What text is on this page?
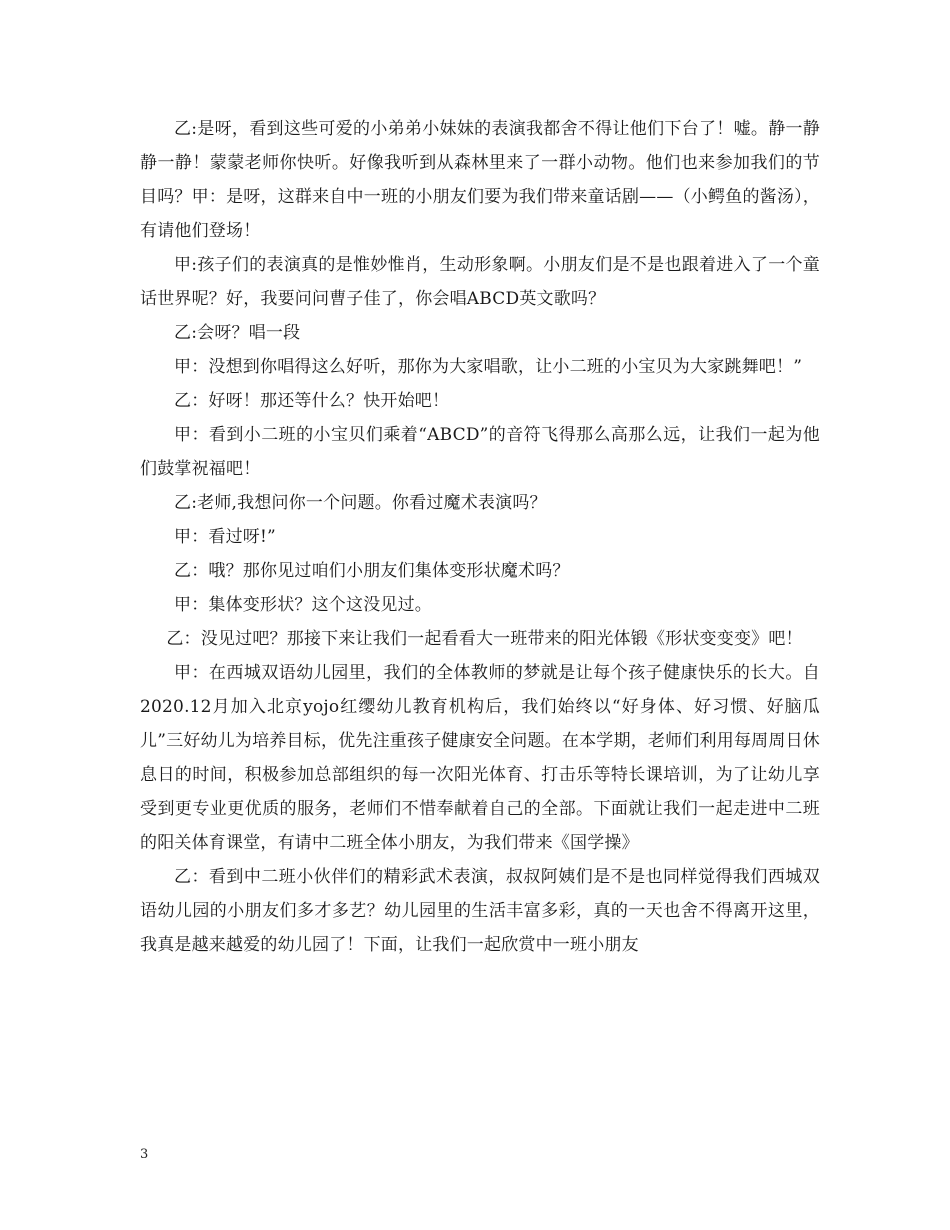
乙:是呀，看到这些可爱的小弟弟小妹妹的表演我都舍不得让他们下台了！嘘。静一静静一静！蒙蒙老师你快听。好像我听到从森林里来了一群小动物。他们也来参加我们的节目吗？甲：是呀，这群来自中一班的小朋友们要为我们带来童话剧——（小鳄鱼的酱汤），有请他们登场！

甲:孩子们的表演真的是惟妙惟肖，生动形象啊。小朋友们是不是也跟着进入了一个童话世界呢？好，我要问问曹子佳了，你会唱ABCD英文歌吗？

乙:会呀？唱一段

甲：没想到你唱得这么好听，那你为大家唱歌，让小二班的小宝贝为大家跳舞吧！”

乙：好呀！那还等什么？快开始吧！

甲：看到小二班的小宝贝们乘着“ABCD”的音符飞得那么高那么远，让我们一起为他们鼓掌祝福吧！

乙:老师,我想问你一个问题。你看过魔术表演吗？

甲：看过呀!”

乙：哦？那你见过咱们小朋友们集体变形状魔术吗？

甲：集体变形状？这个这没见过。

乙：没见过吧？那接下来让我们一起看看大一班带来的阳光体锻《形状变变变》吧！

甲：在西城双语幼儿园里，我们的全体教师的梦就是让每个孩子健康快乐的长大。自2020.12月加入北京yojo红缨幼儿教育机构后，我们始终以“好身体、好习惯、好脑瓜儿”三好幼儿为培养目标，优先注重孩子健康安全问题。在本学期，老师们利用每周周日休息日的时间，积极参加总部组织的每一次阳光体育、打击乐等特长课培训，为了让幼儿享受到更专业更优质的服务，老师们不惜奉献着自己的全部。下面就让我们一起走进中二班的阳关体育课堂，有请中二班全体小朋友，为我们带来《国学操》

乙：看到中二班小伙伴们的精彩武术表演，叔叔阿姨们是不是也同样觉得我们西城双语幼儿园的小朋友们多才多艺？幼儿园里的生活丰富多彩，真的一天也舍不得离开这里，我真是越来越爱的幼儿园了！下面，让我们一起欣赏中一班小朋友

3
